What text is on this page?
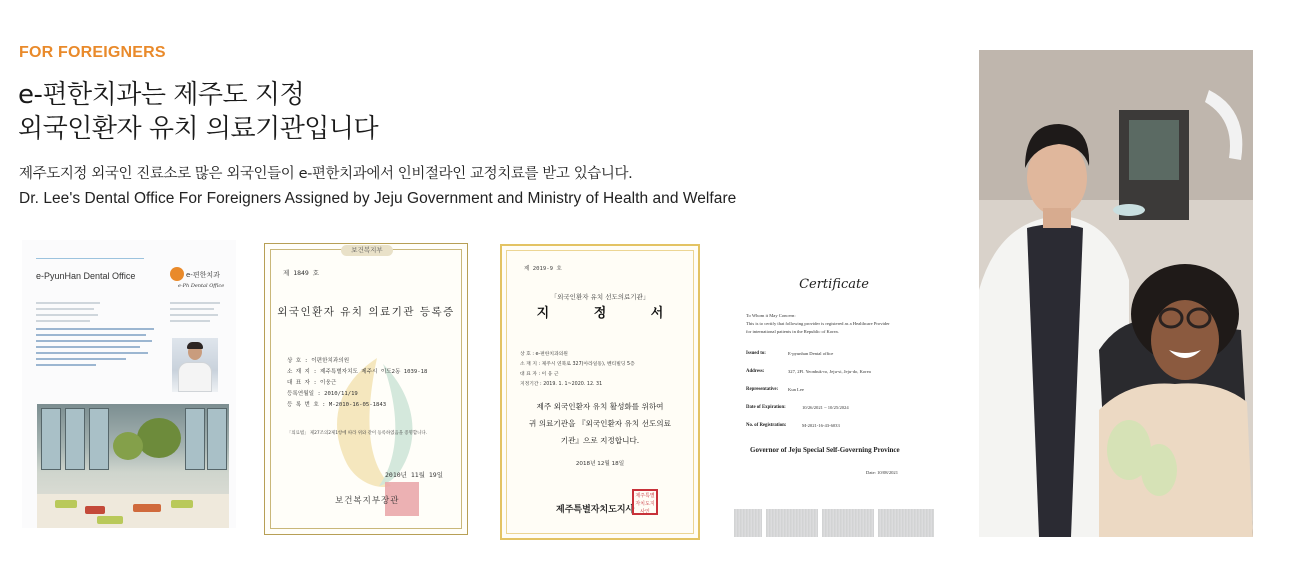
FOR FOREIGNERS
e-편한치과는 제주도 지정
외국인환자 유치 의료기관입니다
제주도지정 외국인 진료소로 많은 외국인들이 e-편한치과에서 인비절라인 교정치료를 받고 있습니다.
Dr. Lee's Dental Office For Foreigners Assigned by Jeju Government and Ministry of Health and Welfare
e-PyunHan Dental Office	e-편한치과
e-Ph Dental Office
보건복지부
제 1849 호
외국인환자 유치 의료기관 등록증
상 호 : 이편한치과의원
소 재 지 : 제주특별자치도 제주시 이도2동 1039-18
대 표 자 : 이웅근
등록연월일 : 2010/11/19
등 록 번 호 : M-2010-16-05-1843
「의료법」 제27조의2제1항에 따라 위와 같이 등록하였음을 증명합니다.
2010년 11월 19일
보건복지부장관
제 2019-9 호
「외국인환자 유치 선도의료기관」
지 정 서
상 호 : e-편한치과의원
소 재 지 : 제주시 연북로 327(아라일동), 벤티빌딩 5층
대 표 자 : 이 웅 근
지정기간 : 2019. 1. 1~2020. 12. 31
제주 외국인환자 유치 활성화를 위하여
귀 의료기관을 『외국인환자 유치 선도의료
기관』으로 지정합니다.
2018년 12월 18일
제주특별자치도지사
제주특별자치도지사인
Certificate
To Whom it May Concern:
This is to certify that following provider is registered as a Healthcare Provider
for international patients in the Republic of Korea.
Issued to:	E-pyunhan Dental office
Address:	327, 2Fl. Yeonbuk-ro, Jeju-si, Jeju-do, Korea
Representative: Kun Lee
Date of Expiration:	10/26/2021 ~ 10/25/2024
No. of Registration:	M-2021-16-43-6033
Governor of Jeju Special Self-Governing Province
Date: 10/08/2021
